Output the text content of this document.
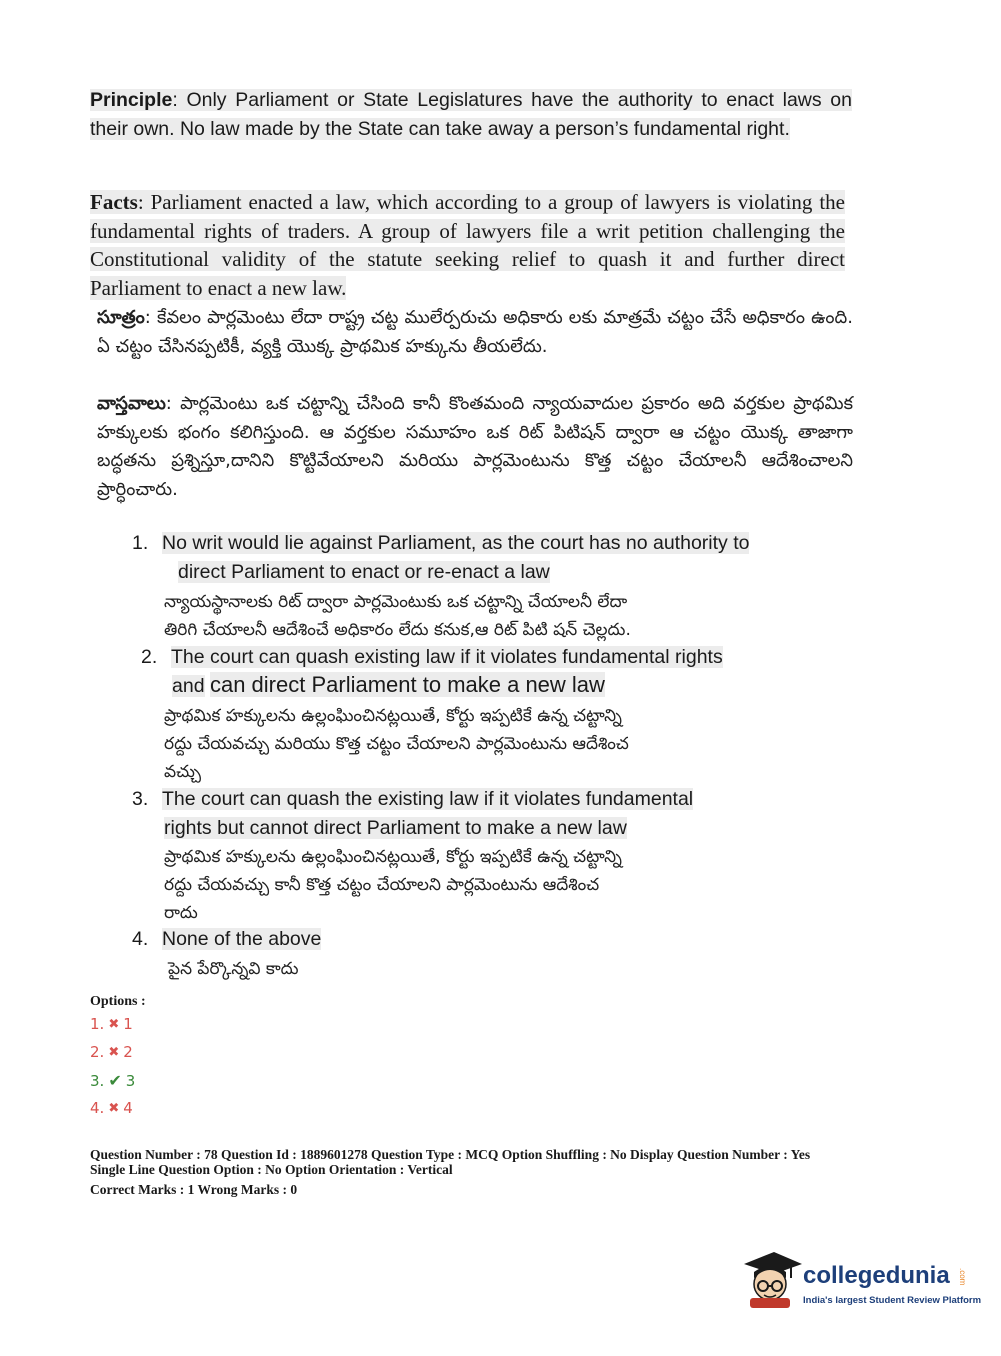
Principle: Only Parliament or State Legislatures have the authority to enact laws on their own. No law made by the State can take away a person’s fundamental right.
Facts: Parliament enacted a law, which according to a group of lawyers is violating the fundamental rights of traders. A group of lawyers file a writ petition challenging the Constitutional validity of the statute seeking relief to quash it and further direct Parliament to enact a new law.
సూత్రం: కేవలం పార్లమెంటు లేదా రాష్ట్ర చట్ట ములేర్పరుచు అధికారు లకు మాత్రమే చట్టం చేసే అధికారం ఉంది. ఏ చట్టం చేసినప్పటికీ, వ్యక్తి యొక్క ప్రాథమిక హక్కును తీయలేదు.
వాస్తవాలు: పార్లమెంటు ఒక చట్టాన్ని చేసింది కానీ కొంతమంది న్యాయవాదుల ప్రకారం అది వర్తకుల ప్రాథమిక హక్కులకు భంగం కలిగిస్తుంది. ఆ వర్తకుల సమూహం ఒక రిట్ పిటిషన్ ద్వారా ఆ చట్టం యొక్క తాజాగా బద్ధతను ప్రశ్నిస్తూ,దానిని కొట్టివేయాలని మరియు పార్లమెంటును కొత్త చట్టం చేయాలనీ ఆదేశించాలని ప్రార్ధించారు.
1. No writ would lie against Parliament, as the court has no authority to
direct Parliament to enact or re-enact a law
న్యాయస్థానాలకు రిట్ ద్వారా పార్లమెంటుకు ఒక చట్టాన్ని చేయాలనీ లేదా
తిరిగి చేయాలనీ ఆదేశించే అధికారం లేదు కనుక,ఆ రిట్ పిటి షన్ చెల్లదు.
2. The court can quash existing law if it violates fundamental rights
and can direct Parliament to make a new law
ప్రాథమిక హక్కులను ఉల్లంఘించినట్లయితే, కోర్టు ఇప్పటికే ఉన్న చట్టాన్ని
రద్దు చేయవచ్చు మరియు కొత్త చట్టం చేయాలని పార్లమెంటును ఆదేశించ
వచ్చు
3. The court can quash the existing law if it violates fundamental
rights but cannot direct Parliament to make a new law
ప్రాథమిక హక్కులను ఉల్లంఘించినట్లయితే, కోర్టు ఇప్పటికే ఉన్న చట్టాన్ని
రద్దు చేయవచ్చు కానీ కొత్త చట్టం చేయాలని పార్లమెంటును ఆదేశించ
రాదు
4. None of the above
పైన పేర్కొన్నవి కాదు
Options :
1. ✖ 1
2. ✖ 2
3. ✔ 3
4. ✖ 4
Question Number : 78 Question Id : 1889601278 Question Type : MCQ Option Shuffling : No Display Question Number : Yes
Single Line Question Option : No Option Orientation : Vertical
Correct Marks : 1 Wrong Marks : 0
collegedunia .com
India's largest Student Review Platform
